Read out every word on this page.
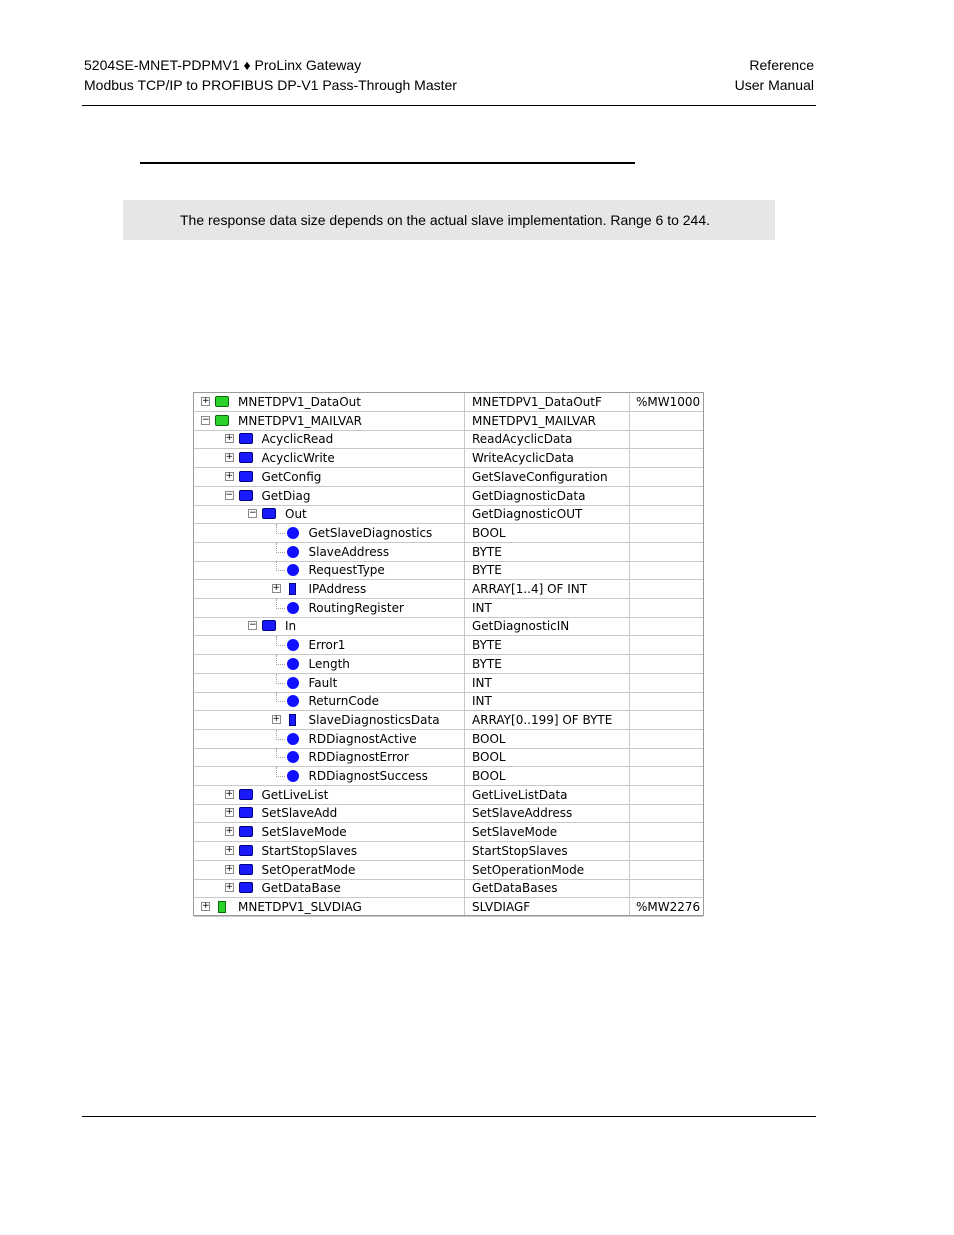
5204SE-MNET-PDPMV1 ♦ ProLinx Gateway
Modbus TCP/IP to PROFIBUS DP-V1 Pass-Through Master
Reference
User Manual
The response data size depends on the actual slave implementation. Range 6 to 244.
+ MNETDPV1_DataOut	MNETDPV1_DataOutF	%MW1000
− MNETDPV1_MAILVAR	MNETDPV1_MAILVAR
+ AcyclicRead	ReadAcyclicData
+ AcyclicWrite	WriteAcyclicData
+ GetConfig	GetSlaveConfiguration
− GetDiag	GetDiagnosticData
− Out	GetDiagnosticOUT
GetSlaveDiagnostics	BOOL
SlaveAddress	BYTE
RequestType	BYTE
+ IPAddress	ARRAY[1..4] OF INT
RoutingRegister	INT
− In	GetDiagnosticIN
Error1	BYTE
Length	BYTE
Fault	INT
ReturnCode	INT
+ SlaveDiagnosticsData	ARRAY[0..199] OF BYTE
RDDiagnostActive	BOOL
RDDiagnostError	BOOL
RDDiagnostSuccess	BOOL
+ GetLiveList	GetLiveListData
+ SetSlaveAdd	SetSlaveAddress
+ SetSlaveMode	SetSlaveMode
+ StartStopSlaves	StartStopSlaves
+ SetOperatMode	SetOperationMode
+ GetDataBase	GetDataBases
+ MNETDPV1_SLVDIAG	SLVDIAGF	%MW2276
